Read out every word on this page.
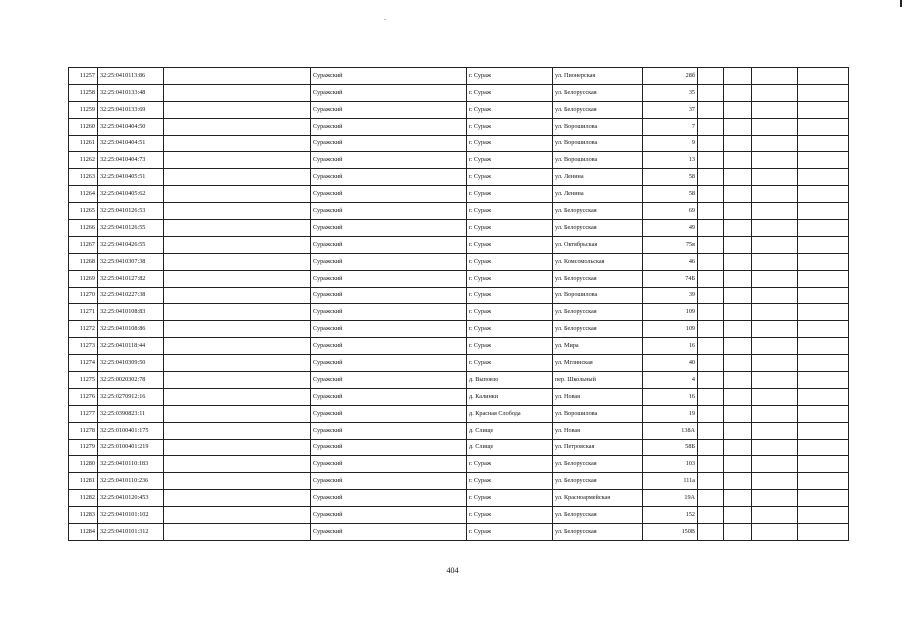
11257	32:25:0410113:86		Суражский	г. Сураж	ул. Пионерская	28б				
11258	32:25:0410133:48		Суражский	г. Сураж	ул. Белорусская	35				
11259	32:25:0410133:69		Суражский	г. Сураж	ул. Белорусская	37				
11260	32:25:0410404:50		Суражский	г. Сураж	ул. Ворошилова	7				
11261	32:25:0410404:51		Суражский	г. Сураж	ул. Ворошилова	9				
11262	32:25:0410404:73		Суражский	г. Сураж	ул. Ворошилова	13				
11263	32:25:0410405:51		Суражский	г. Сураж	ул. Ленина	58				
11264	32:25:0410405:62		Суражский	г. Сураж	ул. Ленина	58				
11265	32:25:0410126:53		Суражский	г. Сураж	ул. Белорусская	69				
11266	32:25:0410126:55		Суражский	г. Сураж	ул. Белорусская	49				
11267	32:25:0410426:55		Суражский	г. Сураж	ул. Октябрьская	75в				
11268	32:25:0410307:38		Суражский	г. Сураж	ул. Комсомольская	46				
11269	32:25:0410127:82		Суражский	г. Сураж	ул. Белорусская	74Б				
11270	32:25:0410227:38		Суражский	г. Сураж	ул. Ворошилова	39				
11271	32:25:0410108:83		Суражский	г. Сураж	ул. Белорусская	109				
11272	32:25:0410108:86		Суражский	г. Сураж	ул. Белорусская	109				
11273	32:25:0410118:44		Суражский	г. Сураж	ул. Мира	16				
11274	32:25:0410309:50		Суражский	г. Сураж	ул. Мглинская	40				
11275	32:25:0020302:78		Суражский	д. Выповзо	пер. Школьный	4				
11276	32:25:0270912:16		Суражский	д. Калинки	ул. Новая	16				
11277	32:25:0390823:11		Суражский	д. Красная Слобода	ул. Ворошилова	19				
11278	32:25:0100401:175		Суражский	д. Слище	ул. Новая	138А				
11279	32:25:0100401:219		Суражский	д. Слище	ул. Петровская	58Б				
11280	32:25:0410110:183		Суражский	г. Сураж	ул. Белорусская	103				
11281	32:25:0410110:236		Суражский	г. Сураж	ул. Белорусская	111а				
11282	32:25:0410120:453		Суражский	г. Сураж	ул. Красноармейская	19А				
11283	32:25:0410101:102		Суражский	г. Сураж	ул. Белорусская	152				
11284	32:25:0410101:312		Суражский	г. Сураж	ул. Белорусская	150В				
404
